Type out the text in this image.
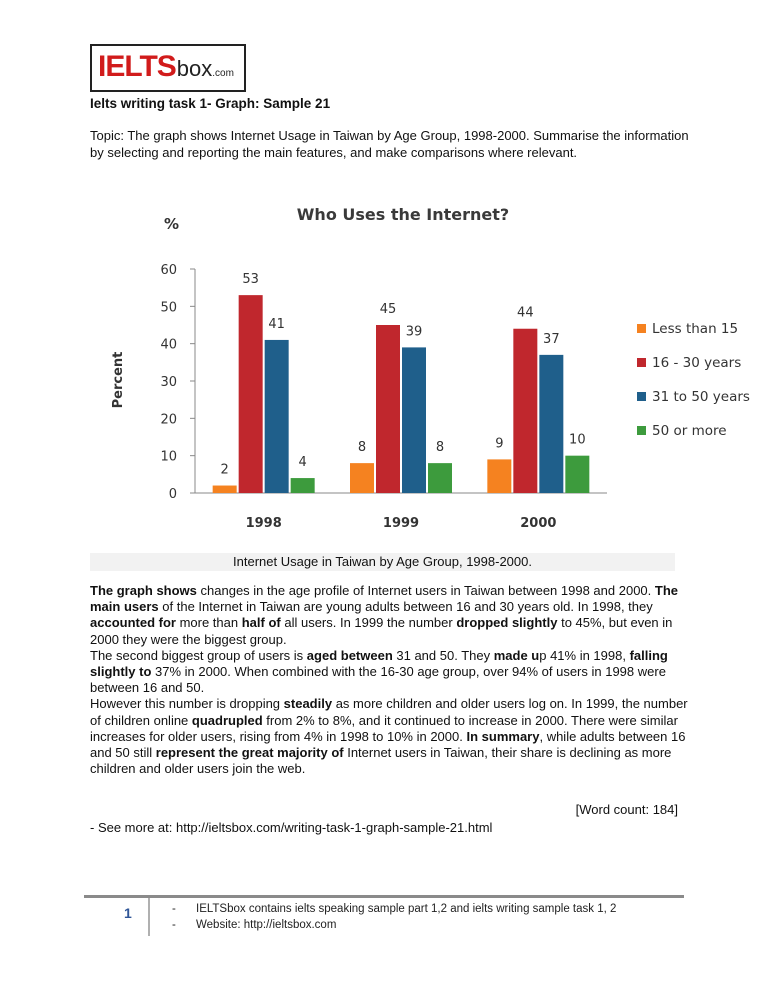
IELTS box .com
Ielts writing task 1- Graph: Sample 21
Topic: The graph shows Internet Usage in Taiwan by Age Group, 1998-2000. Summarise the information by selecting and reporting the main features, and make comparisons where relevant.
Who Uses the Internet?
%
Percent
0
10
20
30
40
50
60
1998
2
53
41
4
1999
8
45
39
8
2000
9
44
37
10
Less than 15
16 - 30 years
31 to 50 years
50 or more
Internet Usage in Taiwan by Age Group, 1998-2000.

The graph shows changes in the age profile of Internet users in Taiwan between 1998 and 2000. The main users of the Internet in Taiwan are young adults between 16 and 30 years old. In 1998, they accounted for more than half of all users. In 1999 the number dropped slightly to 45%, but even in 2000 they were the biggest group.

The second biggest group of users is aged between 31 and 50. They made up 41% in 1998, falling slightly to 37% in 2000. When combined with the 16-30 age group, over 94% of users in 1998 were between 16 and 50.

However this number is dropping steadily as more children and older users log on. In 1999, the number of children online quadrupled from 2% to 8%, and it continued to increase in 2000. There were similar increases for older users, rising from 4% in 1998 to 10% in 2000. In summary, while adults between 16 and 50 still represent the great majority of Internet users in Taiwan, their share is declining as more children and older users join the web.

[Word count: 184]
- See more at: http://ieltsbox.com/writing-task-1-graph-sample-21.html
1	- IELTSbox contains ielts speaking sample part 1,2 and ielts writing sample task 1, 2
- Website: http://ieltsbox.com
